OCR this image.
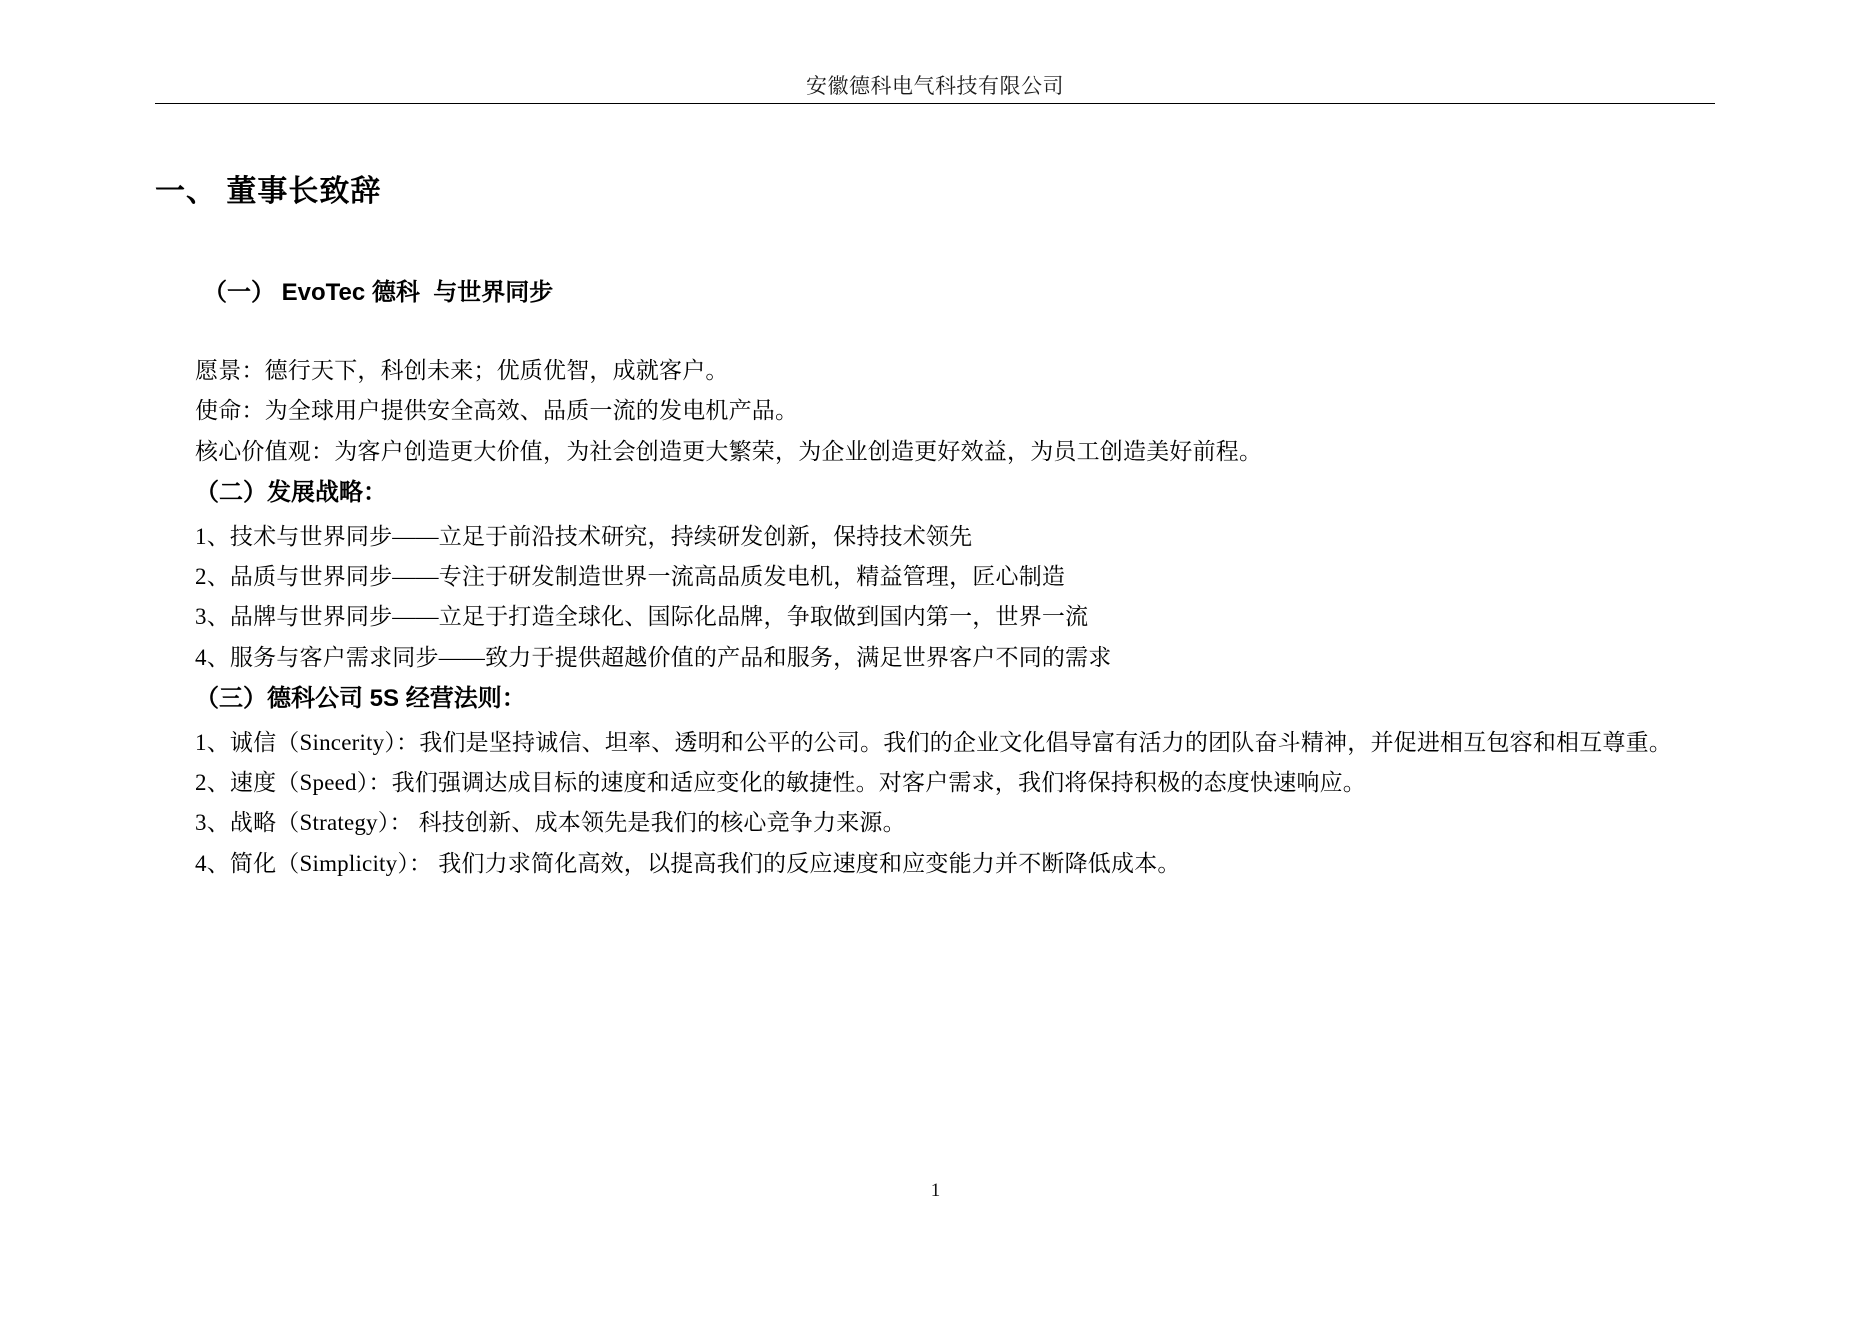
安徽德科电气科技有限公司
一、 董事长致辞
（一） EvoTec 德科  与世界同步
愿景：德行天下，科创未来；优质优智，成就客户。
使命：为全球用户提供安全高效、品质一流的发电机产品。
核心价值观：为客户创造更大价值，为社会创造更大繁荣，为企业创造更好效益，为员工创造美好前程。
（二）发展战略：
1、技术与世界同步——立足于前沿技术研究，持续研发创新，保持技术领先
2、品质与世界同步——专注于研发制造世界一流高品质发电机，精益管理，匠心制造
3、品牌与世界同步——立足于打造全球化、国际化品牌，争取做到国内第一，世界一流
4、服务与客户需求同步——致力于提供超越价值的产品和服务，满足世界客户不同的需求
（三）德科公司 5S 经营法则：
1、诚信（Sincerity）：我们是坚持诚信、坦率、透明和公平的公司。我们的企业文化倡导富有活力的团队奋斗精神，并促进相互包容和相互尊重。
2、速度（Speed）：我们强调达成目标的速度和适应变化的敏捷性。对客户需求，我们将保持积极的态度快速响应。
3、战略（Strategy）： 科技创新、成本领先是我们的核心竞争力来源。
4、简化（Simplicity）： 我们力求简化高效，以提高我们的反应速度和应变能力并不断降低成本。
1
